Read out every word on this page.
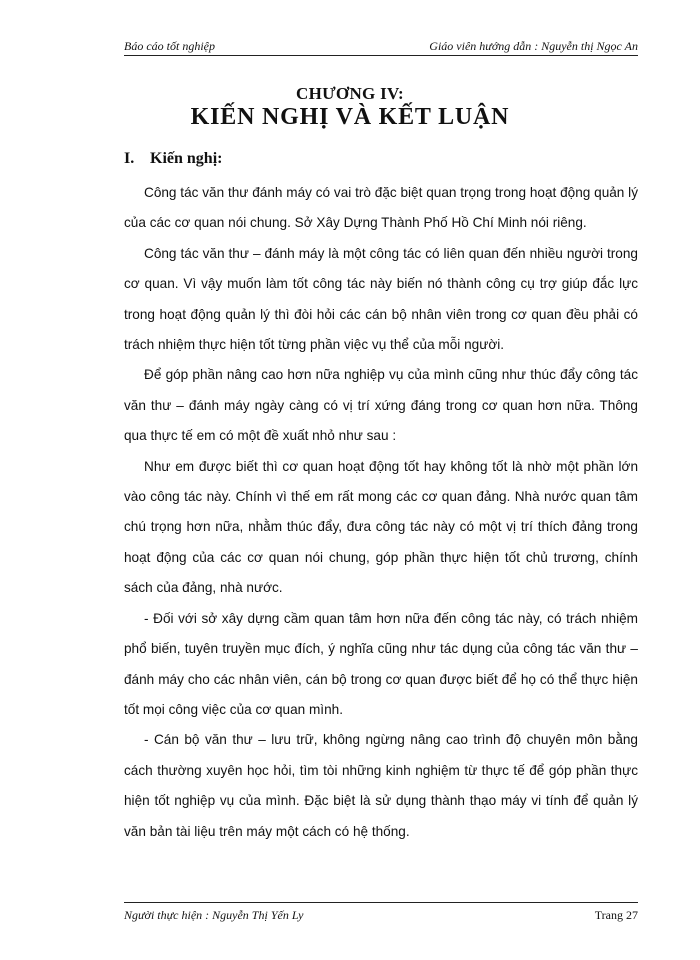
Báo cáo tốt nghiệp	Giáo viên hướng dẫn : Nguyễn thị Ngọc An
CHƯƠNG IV:
KIẾN NGHỊ VÀ KẾT LUẬN
I. Kiến nghị:

Công tác văn thư đánh máy có vai trò đặc biệt quan trọng trong hoạt động quản lý của các cơ quan nói chung. Sở Xây Dựng Thành Phố Hồ Chí Minh nói riêng.

Công tác văn thư – đánh máy là một công tác có liên quan đến nhiều người trong cơ quan. Vì vậy muốn làm tốt công tác này biến nó thành công cụ trợ giúp đắc lực trong hoạt động quản lý thì đòi hỏi các cán bộ nhân viên trong cơ quan đều phải có trách nhiệm thực hiện tốt từng phần việc vụ thể của mỗi người.

Để góp phần nâng cao hơn nữa nghiệp vụ của mình cũng như thúc đẩy công tác văn thư – đánh máy ngày càng có vị trí xứng đáng trong cơ quan hơn nữa. Thông qua thực tế em có một đề xuất nhỏ như sau :

Như em được biết thì cơ quan hoạt động tốt hay không tốt là nhờ một phần lớn vào công tác này. Chính vì thế em rất mong các cơ quan đảng. Nhà nước quan tâm chú trọng hơn nữa, nhằm thúc đẩy, đưa công tác này có một vị trí thích đảng trong hoạt động của các cơ quan nói chung, góp phần thực hiện tốt chủ trương, chính sách của đảng, nhà nước.

- Đối với sở xây dựng cầm quan tâm hơn nữa đến công tác này, có trách nhiệm phổ biến, tuyên truyền mục đích, ý nghĩa cũng như tác dụng của công tác văn thư – đánh máy cho các nhân viên, cán bộ trong cơ quan được biết để họ có thể thực hiện tốt mọi công việc của cơ quan mình.

- Cán bộ văn thư – lưu trữ, không ngừng nâng cao trình độ chuyên môn bằng cách thường xuyên học hỏi, tìm tòi những kinh nghiệm từ thực tế để góp phần thực hiện tốt nghiệp vụ của mình. Đặc biệt là sử dụng thành thạo máy vi tính để quản lý văn bản tài liệu trên máy một cách có hệ thống.

Người thực hiện : Nguyễn Thị Yến Ly	Trang 27
